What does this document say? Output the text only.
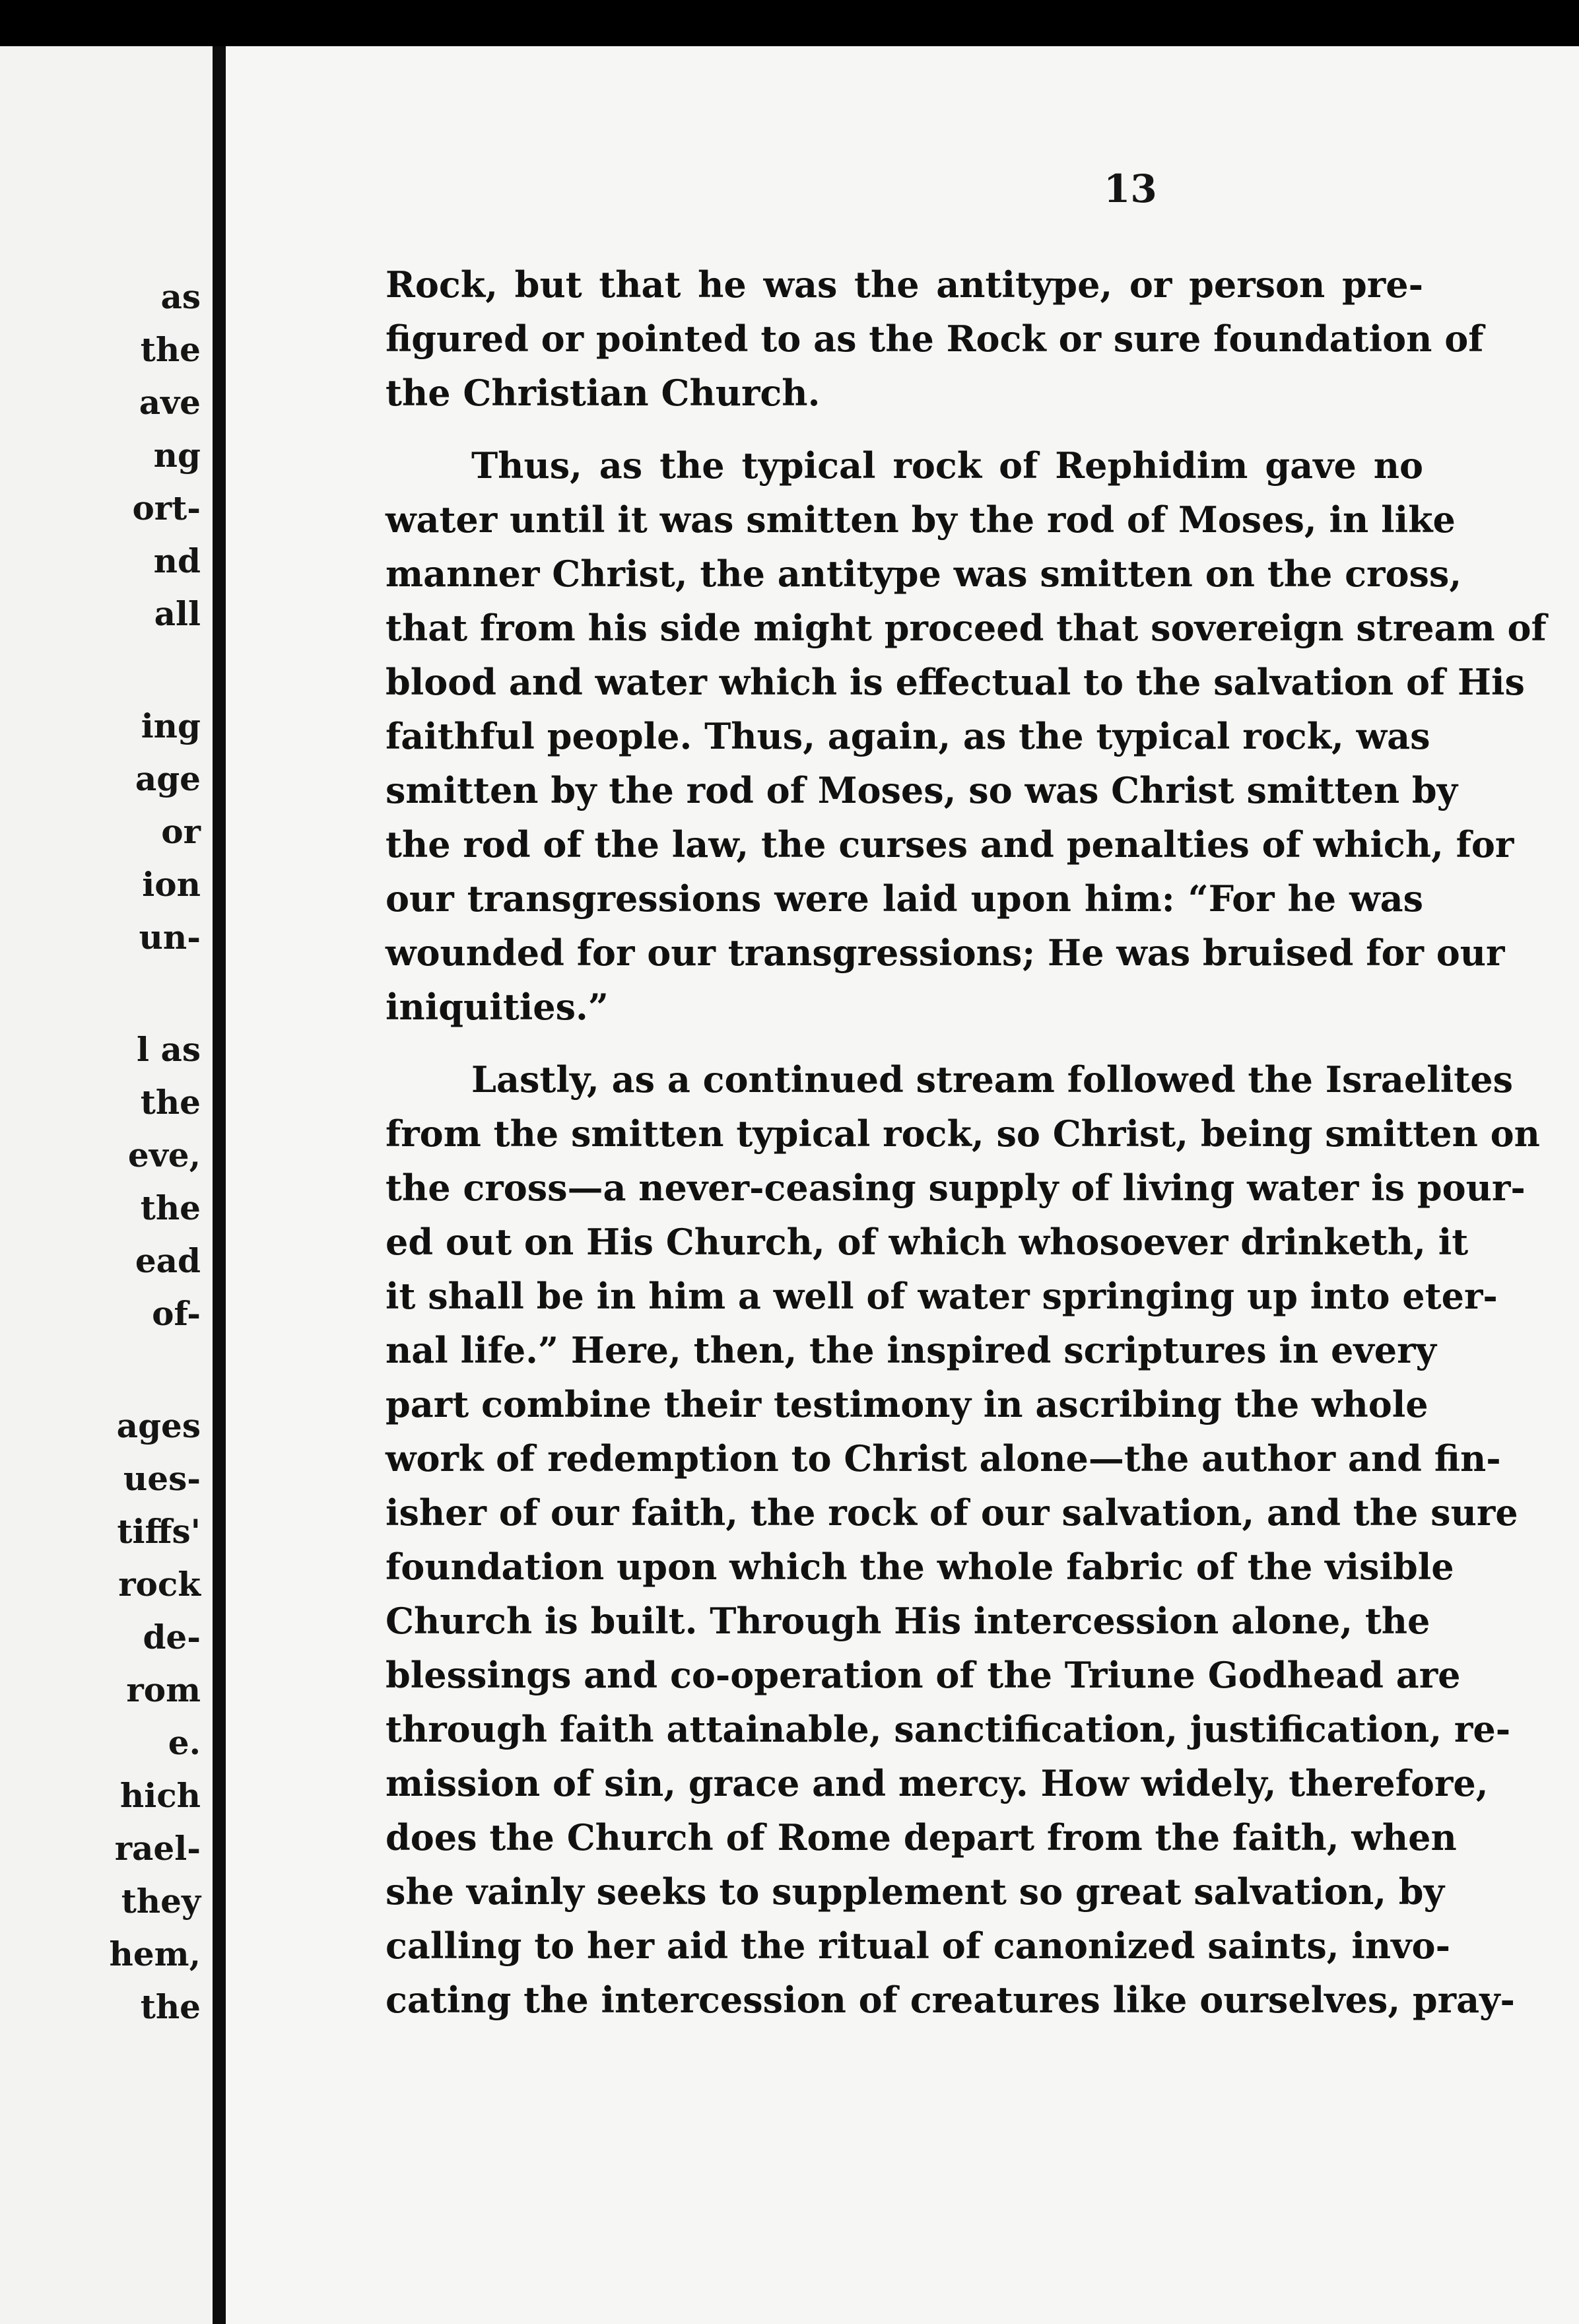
as
the
ave
ng
ort-
nd
all
ing
age
or
ion
un-
l as
the
eve,
the
ead
of-
ages
ues-
tiffs'
rock
de-
rom
e.
hich
rael-
they
hem,
the
13
Rock, but that he was the antitype, or person pre-
figured or pointed to as the Rock or sure foundation of
the Christian Church.
Thus, as the typical rock of Rephidim gave no
water until it was smitten by the rod of Moses, in like
manner Christ, the antitype was smitten on the cross,
that from his side might proceed that sovereign stream of
blood and water which is effectual to the salvation of His
faithful people. Thus, again, as the typical rock, was
smitten by the rod of Moses, so was Christ smitten by
the rod of the law, the curses and penalties of which, for
our transgressions were laid upon him: “For he was
wounded for our transgressions; He was bruised for our
iniquities.”
Lastly, as a continued stream followed the Israelites
from the smitten typical rock, so Christ, being smitten on
the cross—a never-ceasing supply of living water is pour-
ed out on His Church, of which whosoever drinketh, it
it shall be in him a well of water springing up into eter-
nal life.” Here, then, the inspired scriptures in every
part combine their testimony in ascribing the whole
work of redemption to Christ alone—the author and fin-
isher of our faith, the rock of our salvation, and the sure
foundation upon which the whole fabric of the visible
Church is built. Through His intercession alone, the
blessings and co-operation of the Triune Godhead are
through faith attainable, sanctification, justification, re-
mission of sin, grace and mercy. How widely, therefore,
does the Church of Rome depart from the faith, when
she vainly seeks to supplement so great salvation, by
calling to her aid the ritual of canonized saints, invo-
cating the intercession of creatures like ourselves, pray-
